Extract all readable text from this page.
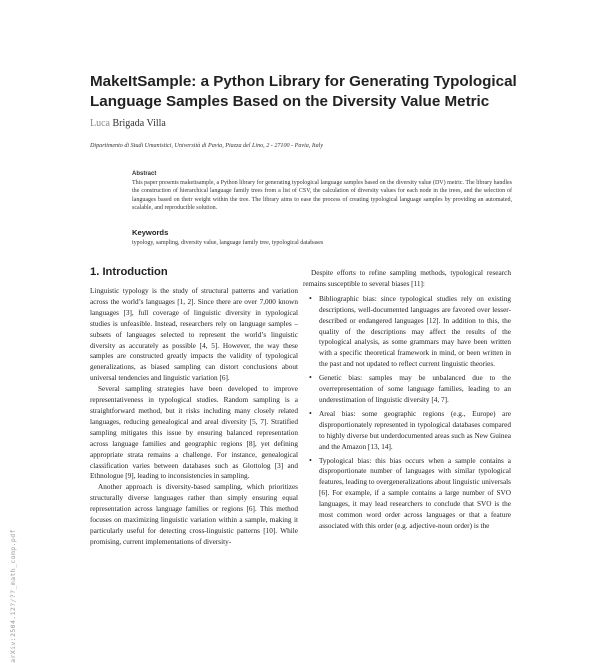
arXiv:2504.12?/??_math_comp.pdf
MakeItSample: a Python Library for Generating Typological Language Samples Based on the Diversity Value Metric
Luca Brigada Villa
Dipartimento di Studi Umanistici, Università di Pavia, Piazza del Lino, 2 - 27100 - Pavia, Italy
Abstract
This paper presents makeitsample, a Python library for generating typological language samples based on the diversity value (DV) metric. The library handles the construction of hierarchical language family trees from a list of CSV, the calculation of diversity values for each node in the trees, and the selection of languages based on their weight within the tree. The library aims to ease the process of creating typological language samples by providing an automated, scalable, and reproducible solution.
Keywords
typology, sampling, diversity value, language family tree, typological databases
1. Introduction

Linguistic typology is the study of structural patterns and variation across the world’s languages [1, 2]. Since there are over 7,000 known languages [3], full coverage of linguistic diversity in typological studies is unfeasible. Instead, researchers rely on language samples – subsets of languages selected to represent the world’s linguistic diversity as accurately as possible [4, 5]. However, the way these samples are constructed greatly impacts the validity of typological generalizations, as biased sampling can distort conclusions about universal tendencies and linguistic variation [6].

Several sampling strategies have been developed to improve representativeness in typological studies. Random sampling is a straightforward method, but it risks including many closely related languages, reducing genealogical and areal diversity [5, 7]. Stratified sampling mitigates this issue by ensuring balanced representation across language families and geographic regions [8], yet defining appropriate strata remains a challenge. For instance, genealogical classification varies between databases such as Glottolog [3] and Ethnologue [9], leading to inconsistencies in sampling.

Another approach is diversity-based sampling, which prioritizes structurally diverse languages rather than simply ensuring equal representation across language families or regions [6]. This method focuses on maximizing linguistic variation within a sample, making it particularly useful for detecting cross-linguistic patterns [10]. While promising, current implementations of diversity-

Despite efforts to refine sampling methods, typological research remains susceptible to several biases [11]:

• Bibliographic bias: since typological studies rely on existing descriptions, well-documented languages are favored over lesser-described or endangered languages [12]. In addition to this, the quality of the descriptions may affect the results of the typological analysis, as some grammars may have been written with a specific theoretical framework in mind, or been written in the past and not updated to reflect current linguistic theories.
• Genetic bias: samples may be unbalanced due to the overrepresentation of some language families, leading to an underestimation of linguistic diversity [4, 7].
• Areal bias: some geographic regions (e.g., Europe) are disproportionately represented in typological databases compared to highly diverse but underdocumented areas such as New Guinea and the Amazon [13, 14].
• Typological bias: this bias occurs when a sample contains a disproportionate number of languages with similar typological features, leading to overgeneralizations about linguistic universals [6]. For example, if a sample contains a large number of SVO languages, it may lead researchers to conclude that SVO is the most common word order across languages or that a feature associated with this order (e.g. adjective-noun order) is the
